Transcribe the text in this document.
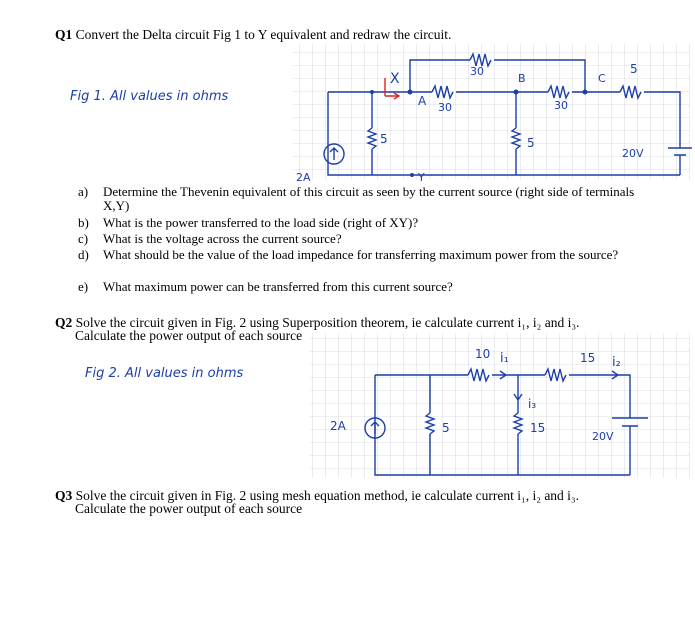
Q1 Convert the Delta circuit Fig 1 to Y equivalent and redraw the circuit.
30
X
A 30
B
30
C
5
5	5
20V
2A	Y
Fig 1. All values in ohms
a) Determine the Thevenin equivalent of this circuit as seen by the current source (right side of terminals X,Y)
b) What is the power transferred to the load side (right of XY)?
c) What is the voltage across the current source?
d) What should be the value of the load impedance for transferring maximum power from the source?
e) What maximum power can be transferred from this current source?
Q2 Solve the circuit given in Fig. 2 using Superposition theorem, ie calculate current i₁, i₂ and i₃.
Calculate the power output of each source
10 i₁	15 i₂
i₃
2A	5	15
20V
Fig 2. All values in ohms
Q3 Solve the circuit given in Fig. 2 using mesh equation method, ie calculate current i₁, i₂ and i₃.
Calculate the power output of each source
